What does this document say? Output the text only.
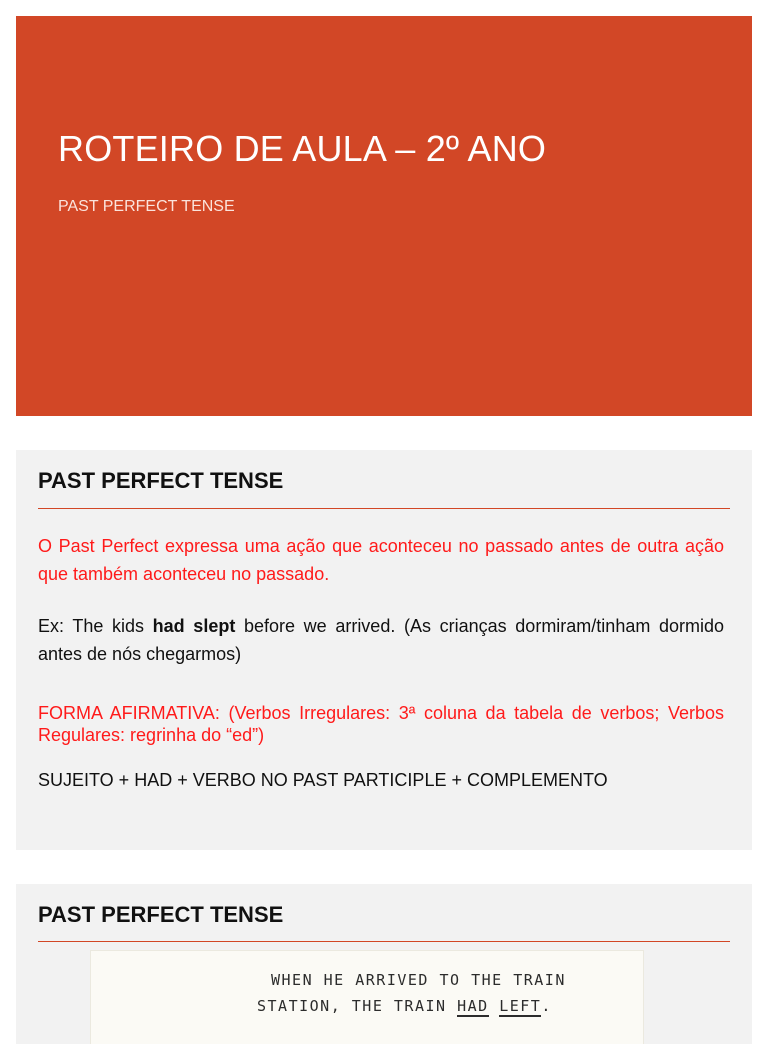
ROTEIRO DE AULA – 2º ANO
PAST PERFECT TENSE
PAST PERFECT TENSE
O Past Perfect expressa uma ação que aconteceu no passado antes de outra ação que também aconteceu no passado.
Ex: The kids had slept before we arrived. (As crianças dormiram/tinham dormido antes de nós chegarmos)
FORMA AFIRMATIVA: (Verbos Irregulares: 3ª coluna da tabela de verbos; Verbos Regulares: regrinha do “ed”)
SUJEITO + HAD + VERBO NO PAST PARTICIPLE + COMPLEMENTO
PAST PERFECT TENSE
WHEN HE ARRIVED TO THE TRAIN
STATION, THE TRAIN HAD LEFT.
